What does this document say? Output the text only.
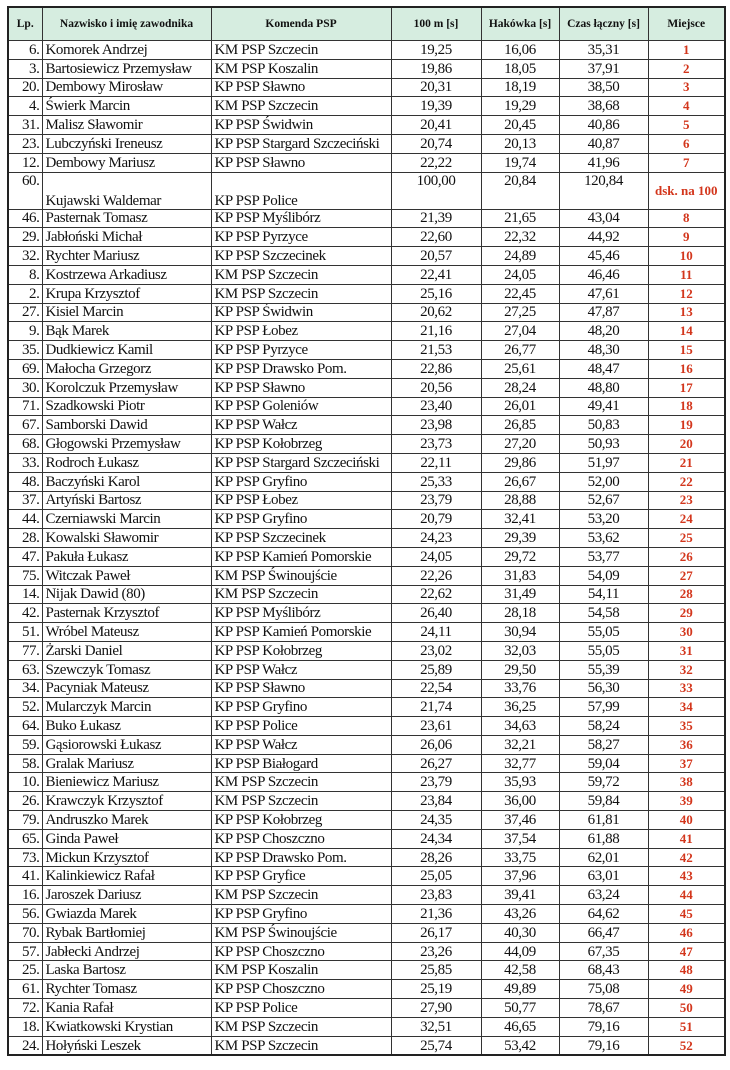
Lp.	Nazwisko i imię zawodnika	Komenda PSP	100 m [s]	Hakówka [s]	Czas łączny [s]	Miejsce
6.	Komorek Andrzej	KM PSP Szczecin	19,25	16,06	35,31	1
3.	Bartosiewicz Przemysław	KM PSP Koszalin	19,86	18,05	37,91	2
20.	Dembowy Mirosław	KP PSP Sławno	20,31	18,19	38,50	3
4.	Świerk Marcin	KM PSP Szczecin	19,39	19,29	38,68	4
31.	Malisz Sławomir	KP PSP Świdwin	20,41	20,45	40,86	5
23.	Lubczyński Ireneusz	KP PSP Stargard Szczeciński	20,74	20,13	40,87	6
12.	Dembowy Mariusz	KP PSP Sławno	22,22	19,74	41,96	7
60.	Kujawski Waldemar	KP PSP Police	100,00	20,84	120,84	dsk. na 100
46.	Pasternak Tomasz	KP PSP Myślibórz	21,39	21,65	43,04	8
29.	Jabłoński Michał	KP PSP Pyrzyce	22,60	22,32	44,92	9
32.	Rychter Mariusz	KP PSP Szczecinek	20,57	24,89	45,46	10
8.	Kostrzewa Arkadiusz	KM PSP Szczecin	22,41	24,05	46,46	11
2.	Krupa Krzysztof	KM PSP Szczecin	25,16	22,45	47,61	12
27.	Kisiel Marcin	KP PSP Świdwin	20,62	27,25	47,87	13
9.	Bąk Marek	KP PSP Łobez	21,16	27,04	48,20	14
35.	Dudkiewicz Kamil	KP PSP Pyrzyce	21,53	26,77	48,30	15
69.	Małocha Grzegorz	KP PSP Drawsko Pom.	22,86	25,61	48,47	16
30.	Korolczuk Przemysław	KP PSP Sławno	20,56	28,24	48,80	17
71.	Szadkowski Piotr	KP PSP Goleniów	23,40	26,01	49,41	18
67.	Samborski Dawid	KP PSP Wałcz	23,98	26,85	50,83	19
68.	Głogowski Przemysław	KP PSP Kołobrzeg	23,73	27,20	50,93	20
33.	Rodroch Łukasz	KP PSP Stargard Szczeciński	22,11	29,86	51,97	21
48.	Baczyński Karol	KP PSP Gryfino	25,33	26,67	52,00	22
37.	Artyński Bartosz	KP PSP Łobez	23,79	28,88	52,67	23
44.	Czerniawski Marcin	KP PSP Gryfino	20,79	32,41	53,20	24
28.	Kowalski Sławomir	KP PSP Szczecinek	24,23	29,39	53,62	25
47.	Pakuła Łukasz	KP PSP Kamień Pomorskie	24,05	29,72	53,77	26
75.	Witczak Paweł	KM PSP Świnoujście	22,26	31,83	54,09	27
14.	Nijak Dawid (80)	KM PSP Szczecin	22,62	31,49	54,11	28
42.	Pasternak Krzysztof	KP PSP Myślibórz	26,40	28,18	54,58	29
51.	Wróbel Mateusz	KP PSP Kamień Pomorskie	24,11	30,94	55,05	30
77.	Żarski Daniel	KP PSP Kołobrzeg	23,02	32,03	55,05	31
63.	Szewczyk Tomasz	KP PSP Wałcz	25,89	29,50	55,39	32
34.	Pacyniak Mateusz	KP PSP Sławno	22,54	33,76	56,30	33
52.	Mularczyk Marcin	KP PSP Gryfino	21,74	36,25	57,99	34
64.	Buko Łukasz	KP PSP Police	23,61	34,63	58,24	35
59.	Gąsiorowski Łukasz	KP PSP Wałcz	26,06	32,21	58,27	36
58.	Gralak Mariusz	KP PSP Białogard	26,27	32,77	59,04	37
10.	Bieniewicz Mariusz	KM PSP Szczecin	23,79	35,93	59,72	38
26.	Krawczyk Krzysztof	KM PSP Szczecin	23,84	36,00	59,84	39
79.	Andruszko Marek	KP PSP Kołobrzeg	24,35	37,46	61,81	40
65.	Ginda Paweł	KP PSP Choszczno	24,34	37,54	61,88	41
73.	Mickun Krzysztof	KP PSP Drawsko Pom.	28,26	33,75	62,01	42
41.	Kalinkiewicz Rafał	KP PSP Gryfice	25,05	37,96	63,01	43
16.	Jaroszek Dariusz	KM PSP Szczecin	23,83	39,41	63,24	44
56.	Gwiazda Marek	KP PSP Gryfino	21,36	43,26	64,62	45
70.	Rybak Bartłomiej	KM PSP Świnoujście	26,17	40,30	66,47	46
57.	Jabłecki Andrzej	KP PSP Choszczno	23,26	44,09	67,35	47
25.	Laska Bartosz	KM PSP Koszalin	25,85	42,58	68,43	48
61.	Rychter Tomasz	KP PSP Choszczno	25,19	49,89	75,08	49
72.	Kania Rafał	KP PSP Police	27,90	50,77	78,67	50
18.	Kwiatkowski Krystian	KM PSP Szczecin	32,51	46,65	79,16	51
24.	Hołyński Leszek	KM PSP Szczecin	25,74	53,42	79,16	52
